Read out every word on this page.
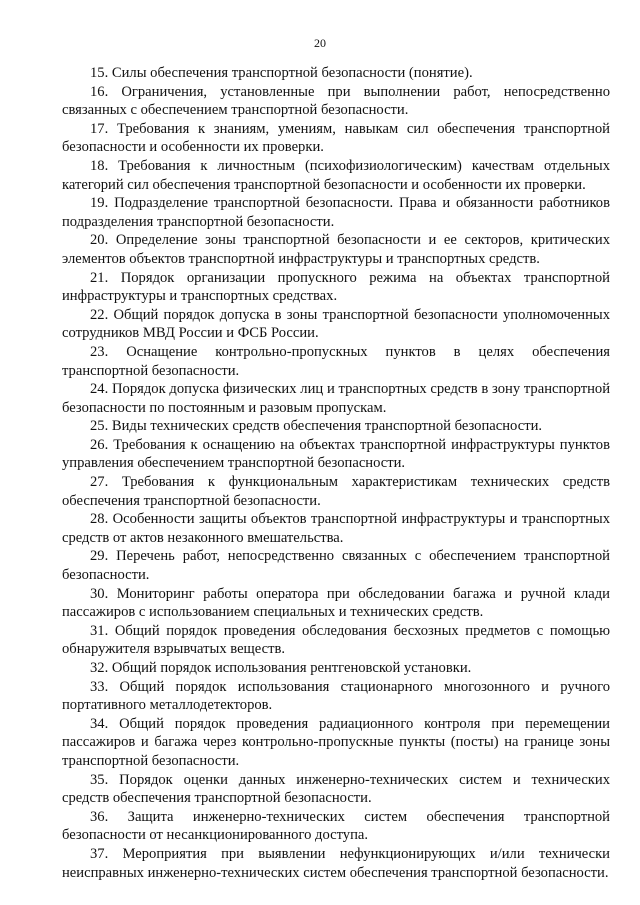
20

15. Силы обеспечения транспортной безопасности (понятие).

16. Ограничения, установленные при выполнении работ, непосредственно связанных с обеспечением транспортной безопасности.

17. Требования к знаниям, умениям, навыкам сил обеспечения транспортной безопасности и особенности их проверки.

18. Требования к личностным (психофизиологическим) качествам отдельных категорий сил обеспечения транспортной безопасности и особенности их проверки.

19. Подразделение транспортной безопасности. Права и обязанности работников подразделения транспортной безопасности.

20. Определение зоны транспортной безопасности и ее секторов, критических элементов объектов транспортной инфраструктуры и транспортных средств.

21. Порядок организации пропускного режима на объектах транспортной инфраструктуры и транспортных средствах.

22. Общий порядок допуска в зоны транспортной безопасности уполномоченных сотрудников МВД России и ФСБ России.

23. Оснащение контрольно-пропускных пунктов в целях обеспечения транспортной безопасности.

24. Порядок допуска физических лиц и транспортных средств в зону транспортной безопасности по постоянным и разовым пропускам.

25. Виды технических средств обеспечения транспортной безопасности.

26. Требования к оснащению на объектах транспортной инфраструктуры пунктов управления обеспечением транспортной безопасности.

27. Требования к функциональным характеристикам технических средств обеспечения транспортной безопасности.

28. Особенности защиты объектов транспортной инфраструктуры и транспортных средств от актов незаконного вмешательства.

29. Перечень работ, непосредственно связанных с обеспечением транспортной безопасности.

30. Мониторинг работы оператора при обследовании багажа и ручной клади пассажиров с использованием специальных и технических средств.

31. Общий порядок проведения обследования бесхозных предметов с помощью обнаружителя взрывчатых веществ.

32. Общий порядок использования рентгеновской установки.

33. Общий порядок использования стационарного многозонного и ручного портативного металлодетекторов.

34. Общий порядок проведения радиационного контроля при перемещении пассажиров и багажа через контрольно-пропускные пункты (посты) на границе зоны транспортной безопасности.

35. Порядок оценки данных инженерно-технических систем и технических средств обеспечения транспортной безопасности.

36. Защита инженерно-технических систем обеспечения транспортной безопасности от несанкционированного доступа.

37. Мероприятия при выявлении нефункционирующих и/или технически неисправных инженерно-технических систем обеспечения транспортной безопасности.
